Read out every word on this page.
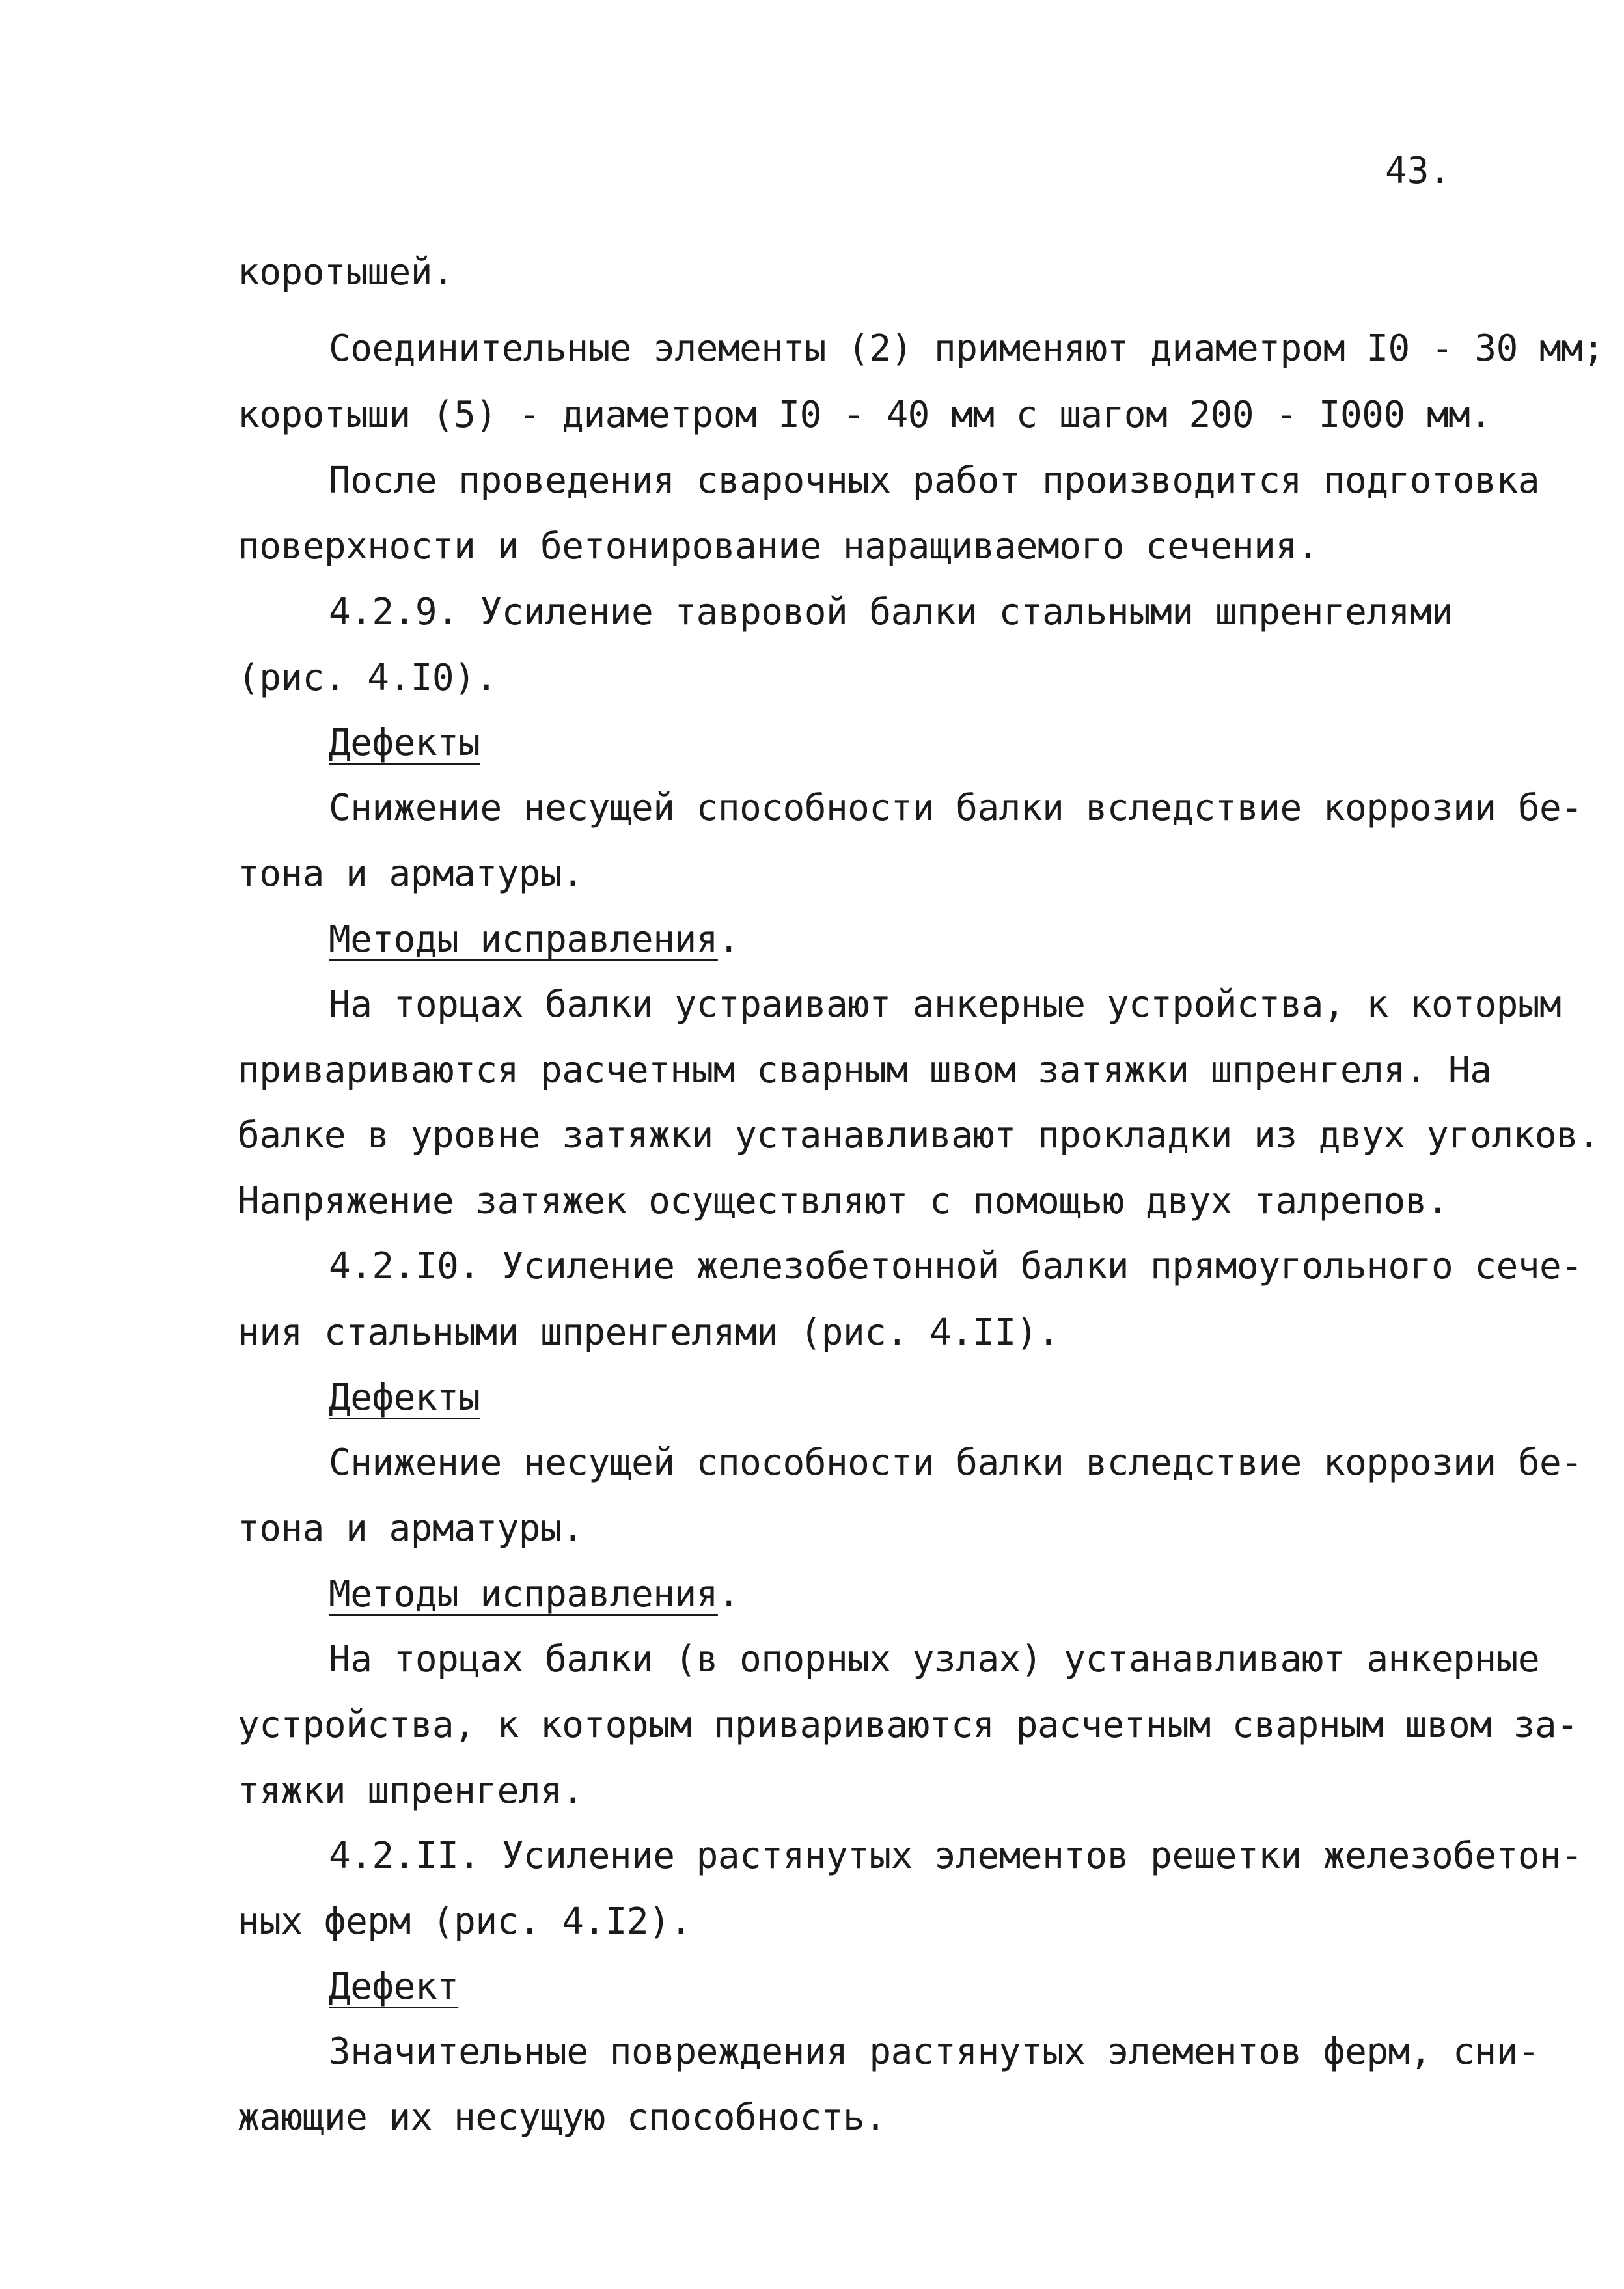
43.
коротышей.
Соединительные элементы (2) применяют диаметром I0 - 30 мм;
коротыши (5) - диаметром I0 - 40 мм с шагом 200 - I000 мм.
После проведения сварочных работ производится подготовка
поверхности и бетонирование наращиваемого сечения.
4.2.9. Усиление тавровой балки стальными шпренгелями
(рис. 4.I0).
Дефекты
Снижение несущей способности балки вследствие коррозии бе-
тона и арматуры.
Методы исправления.
На торцах балки устраивают анкерные устройства, к которым
привариваются расчетным сварным швом затяжки шпренгеля. На
балке в уровне затяжки устанавливают прокладки из двух уголков.
Напряжение затяжек осуществляют с помощью двух талрепов.
4.2.I0. Усиление железобетонной балки прямоугольного сече-
ния стальными шпренгелями (рис. 4.II).
Дефекты
Снижение несущей способности балки вследствие коррозии бе-
тона и арматуры.
Методы исправления.
На торцах балки (в опорных узлах) устанавливают анкерные
устройства, к которым привариваются расчетным сварным швом за-
тяжки шпренгеля.
4.2.II. Усиление растянутых элементов решетки железобетон-
ных ферм (рис. 4.I2).
Дефект
Значительные повреждения растянутых элементов ферм, сни-
жающие их несущую способность.
